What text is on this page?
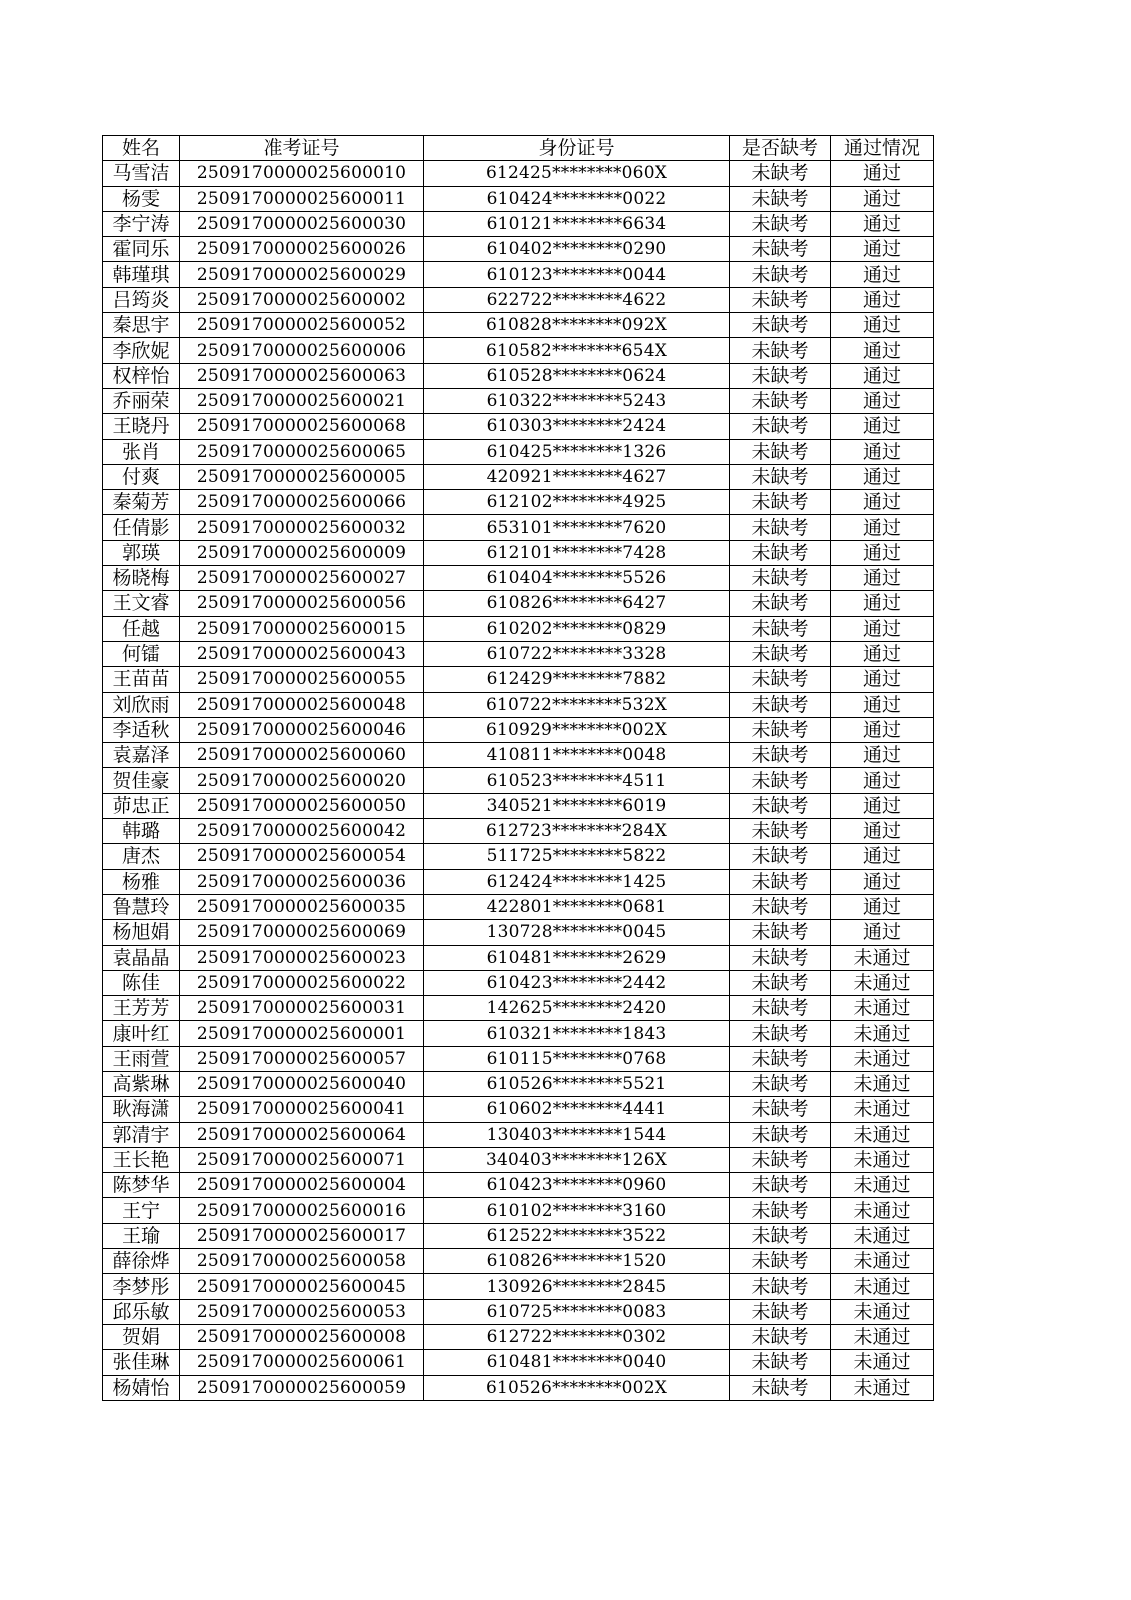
姓名	准考证号	身份证号	是否缺考	通过情况
马雪洁	2509170000025600010	612425********060X	未缺考	通过
杨雯	2509170000025600011	610424********0022	未缺考	通过
李宁涛	2509170000025600030	610121********6634	未缺考	通过
霍同乐	2509170000025600026	610402********0290	未缺考	通过
韩瑾琪	2509170000025600029	610123********0044	未缺考	通过
吕筠炎	2509170000025600002	622722********4622	未缺考	通过
秦思宇	2509170000025600052	610828********092X	未缺考	通过
李欣妮	2509170000025600006	610582********654X	未缺考	通过
权梓怡	2509170000025600063	610528********0624	未缺考	通过
乔丽荣	2509170000025600021	610322********5243	未缺考	通过
王晓丹	2509170000025600068	610303********2424	未缺考	通过
张肖	2509170000025600065	610425********1326	未缺考	通过
付爽	2509170000025600005	420921********4627	未缺考	通过
秦菊芳	2509170000025600066	612102********4925	未缺考	通过
任倩影	2509170000025600032	653101********7620	未缺考	通过
郭瑛	2509170000025600009	612101********7428	未缺考	通过
杨晓梅	2509170000025600027	610404********5526	未缺考	通过
王文睿	2509170000025600056	610826********6427	未缺考	通过
任越	2509170000025600015	610202********0829	未缺考	通过
何镭	2509170000025600043	610722********3328	未缺考	通过
王苗苗	2509170000025600055	612429********7882	未缺考	通过
刘欣雨	2509170000025600048	610722********532X	未缺考	通过
李适秋	2509170000025600046	610929********002X	未缺考	通过
袁嘉泽	2509170000025600060	410811********0048	未缺考	通过
贺佳豪	2509170000025600020	610523********4511	未缺考	通过
茆忠正	2509170000025600050	340521********6019	未缺考	通过
韩璐	2509170000025600042	612723********284X	未缺考	通过
唐杰	2509170000025600054	511725********5822	未缺考	通过
杨雅	2509170000025600036	612424********1425	未缺考	通过
鲁慧玲	2509170000025600035	422801********0681	未缺考	通过
杨旭娟	2509170000025600069	130728********0045	未缺考	通过
袁晶晶	2509170000025600023	610481********2629	未缺考	未通过
陈佳	2509170000025600022	610423********2442	未缺考	未通过
王芳芳	2509170000025600031	142625********2420	未缺考	未通过
康叶红	2509170000025600001	610321********1843	未缺考	未通过
王雨萱	2509170000025600057	610115********0768	未缺考	未通过
高紫琳	2509170000025600040	610526********5521	未缺考	未通过
耿海潇	2509170000025600041	610602********4441	未缺考	未通过
郭清宇	2509170000025600064	130403********1544	未缺考	未通过
王长艳	2509170000025600071	340403********126X	未缺考	未通过
陈梦华	2509170000025600004	610423********0960	未缺考	未通过
王宁	2509170000025600016	610102********3160	未缺考	未通过
王瑜	2509170000025600017	612522********3522	未缺考	未通过
薛徐烨	2509170000025600058	610826********1520	未缺考	未通过
李梦彤	2509170000025600045	130926********2845	未缺考	未通过
邱乐敏	2509170000025600053	610725********0083	未缺考	未通过
贺娟	2509170000025600008	612722********0302	未缺考	未通过
张佳琳	2509170000025600061	610481********0040	未缺考	未通过
杨婧怡	2509170000025600059	610526********002X	未缺考	未通过
